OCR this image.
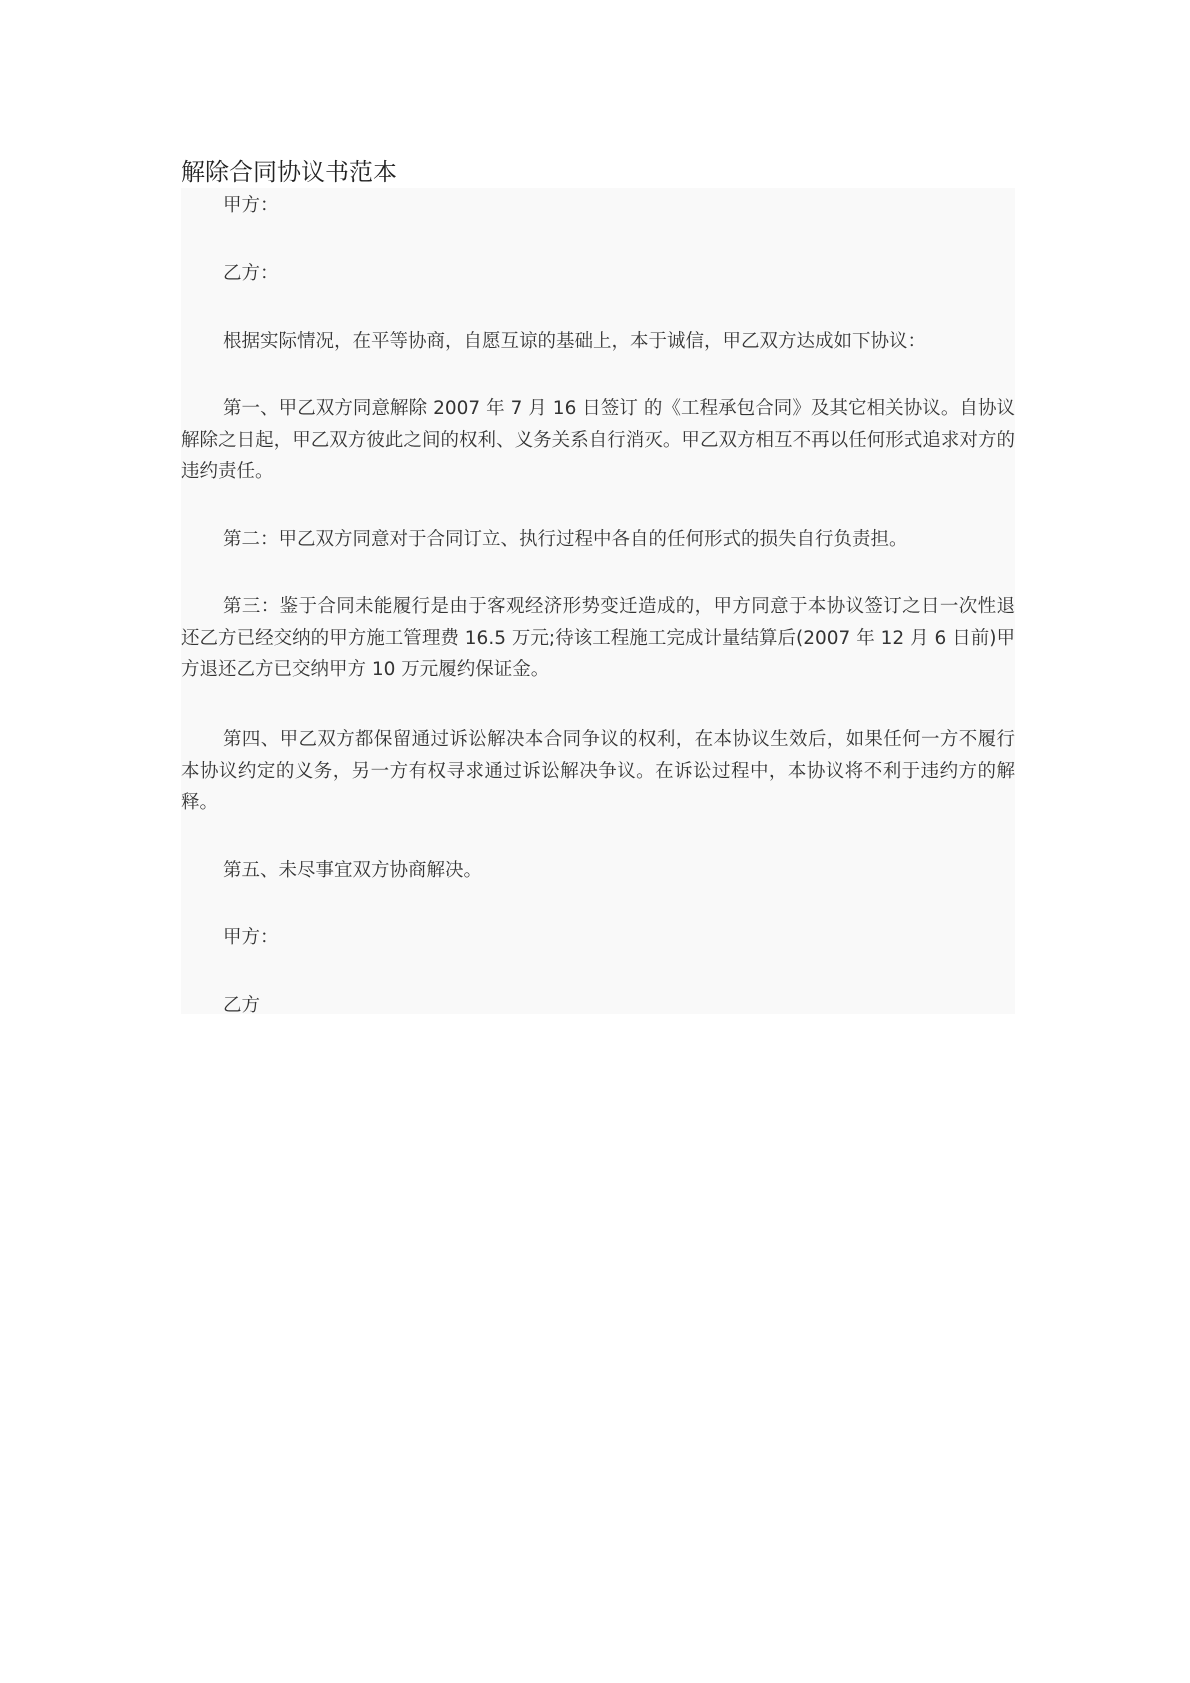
解除合同协议书范本

甲方：

乙方：

根据实际情况，在平等协商，自愿互谅的基础上，本于诚信，甲乙双方达成如下协议：

第一、甲乙双方同意解除 2007 年 7 月 16 日签订 的《工程承包合同》及其它相关协议。自协议解除之日起，甲乙双方彼此之间的权利、义务关系自行消灭。甲乙双方相互不再以任何形式追求对方的违约责任。

第二：甲乙双方同意对于合同订立、执行过程中各自的任何形式的损失自行负责担。

第三：鉴于合同未能履行是由于客观经济形势变迁造成的，甲方同意于本协议签订之日一次性退还乙方已经交纳的甲方施工管理费 16.5 万元;待该工程施工完成计量结算后(2007 年 12 月 6 日前)甲方退还乙方已交纳甲方 10 万元履约保证金。

第四、甲乙双方都保留通过诉讼解决本合同争议的权利，在本协议生效后，如果任何一方不履行本协议约定的义务，另一方有权寻求通过诉讼解决争议。在诉讼过程中，本协议将不利于违约方的解释。

第五、未尽事宜双方协商解决。

甲方：

乙方
